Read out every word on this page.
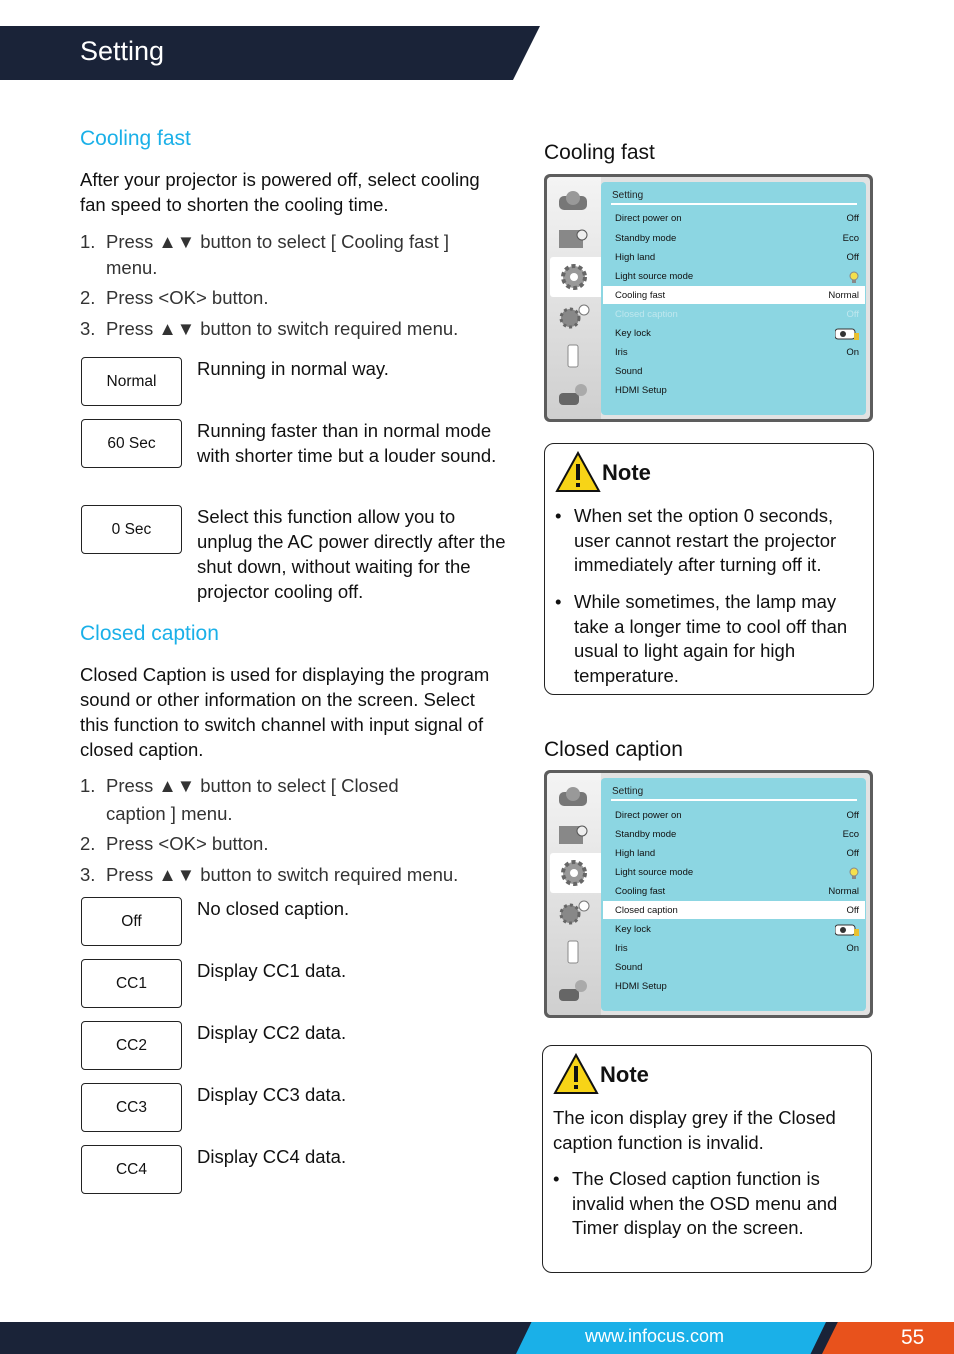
Setting
Cooling fast
After your projector is powered off, select cooling fan speed to shorten the cooling time.
1. Press ▲▼ button to select [ Cooling fast ]
menu.
2. Press <OK> button.
3. Press ▲▼ button to switch required menu.
Normal
Running in normal way.
60 Sec
Running faster than in normal mode with shorter time but a louder sound.
0 Sec
Select this function allow you to unplug the AC power directly after the shut down, without waiting for the projector cooling off.
Closed caption
Closed Caption is used for displaying the program sound or other information on the screen. Select this function to switch channel with input signal of closed caption.
1. Press ▲▼ button to select [ Closed
caption ] menu.
2. Press <OK> button.
3. Press ▲▼ button to switch required menu.
Off
No closed caption.
CC1
Display CC1 data.
CC2
Display CC2 data.
CC3
Display CC3 data.
CC4
Display CC4 data.
Cooling fast
Setting
Direct power on	Off
Standby mode	Eco
High land	Off
Light source mode
Cooling fast	Normal
Closed caption	Off
Key lock
Iris	On
Sound
HDMI Setup
Note
• When set the option 0 seconds, user cannot restart the projector immediately after turning off it.
• While sometimes, the lamp may take a longer time to cool off than usual to light again for high temperature.
Closed caption
Setting
Direct power on	Off
Standby mode	Eco
High land	Off
Light source mode
Cooling fast	Normal
Closed caption	Off
Key lock
Iris	On
Sound
HDMI Setup
Note
The icon display grey if the Closed caption function is invalid.
• The Closed caption function is invalid when the OSD menu and Timer display on the screen.
www.infocus.com	55
